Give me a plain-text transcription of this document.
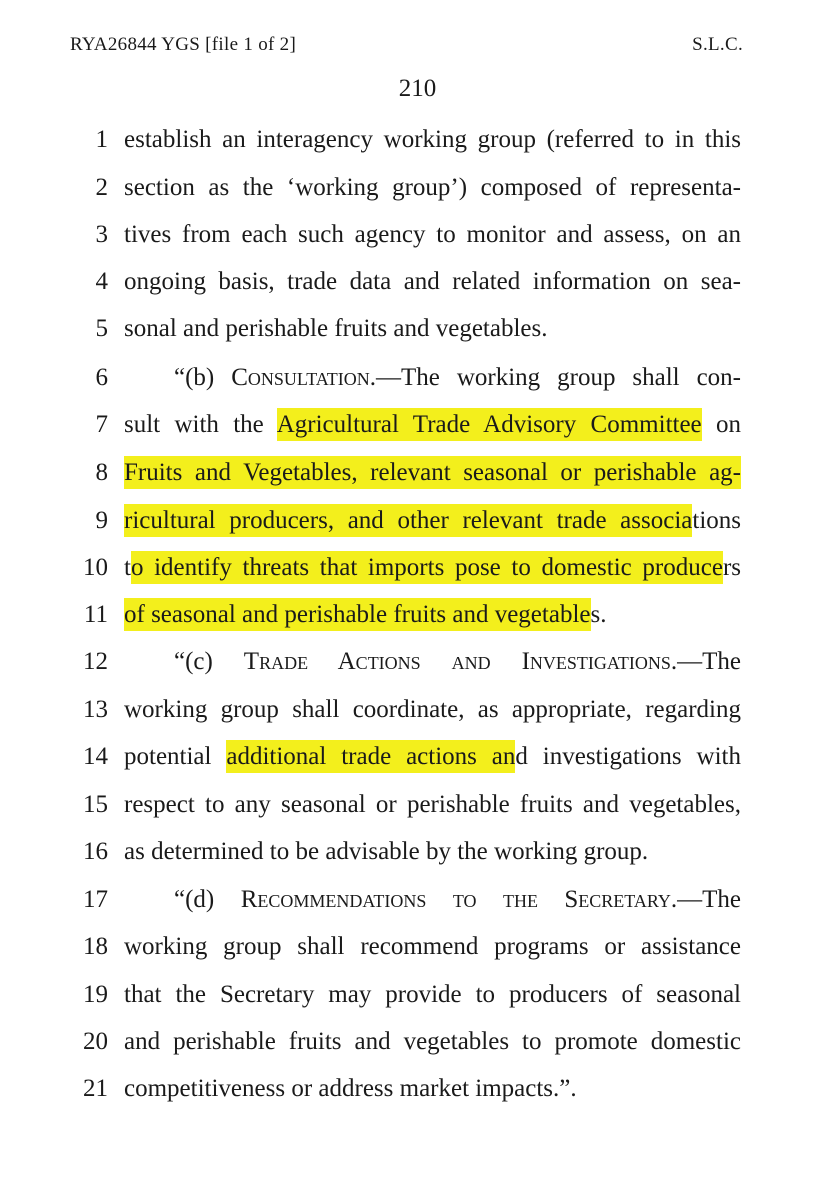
RYA26844 YGS [file 1 of 2]	S.L.C.
210
1 establish an interagency working group (referred to in this
2 section as the ‘working group’) composed of representa-
3 tives from each such agency to monitor and assess, on an
4 ongoing basis, trade data and related information on sea-
5 sonal and perishable fruits and vegetables.
6	“(b) Consultation.—The working group shall con-
7 sult with the Agricultural Trade Advisory Committee on
8 Fruits and Vegetables, relevant seasonal or perishable ag-
9 ricultural producers, and other relevant trade associations
10 to identify threats that imports pose to domestic producers
11 of seasonal and perishable fruits and vegetables.
12	“(c) Trade Actions and Investigations.—The
13 working group shall coordinate, as appropriate, regarding
14 potential additional trade actions and investigations with
15 respect to any seasonal or perishable fruits and vegetables,
16 as determined to be advisable by the working group.
17	“(d) Recommendations to the Secretary.—The
18 working group shall recommend programs or assistance
19 that the Secretary may provide to producers of seasonal
20 and perishable fruits and vegetables to promote domestic
21 competitiveness or address market impacts.”.
